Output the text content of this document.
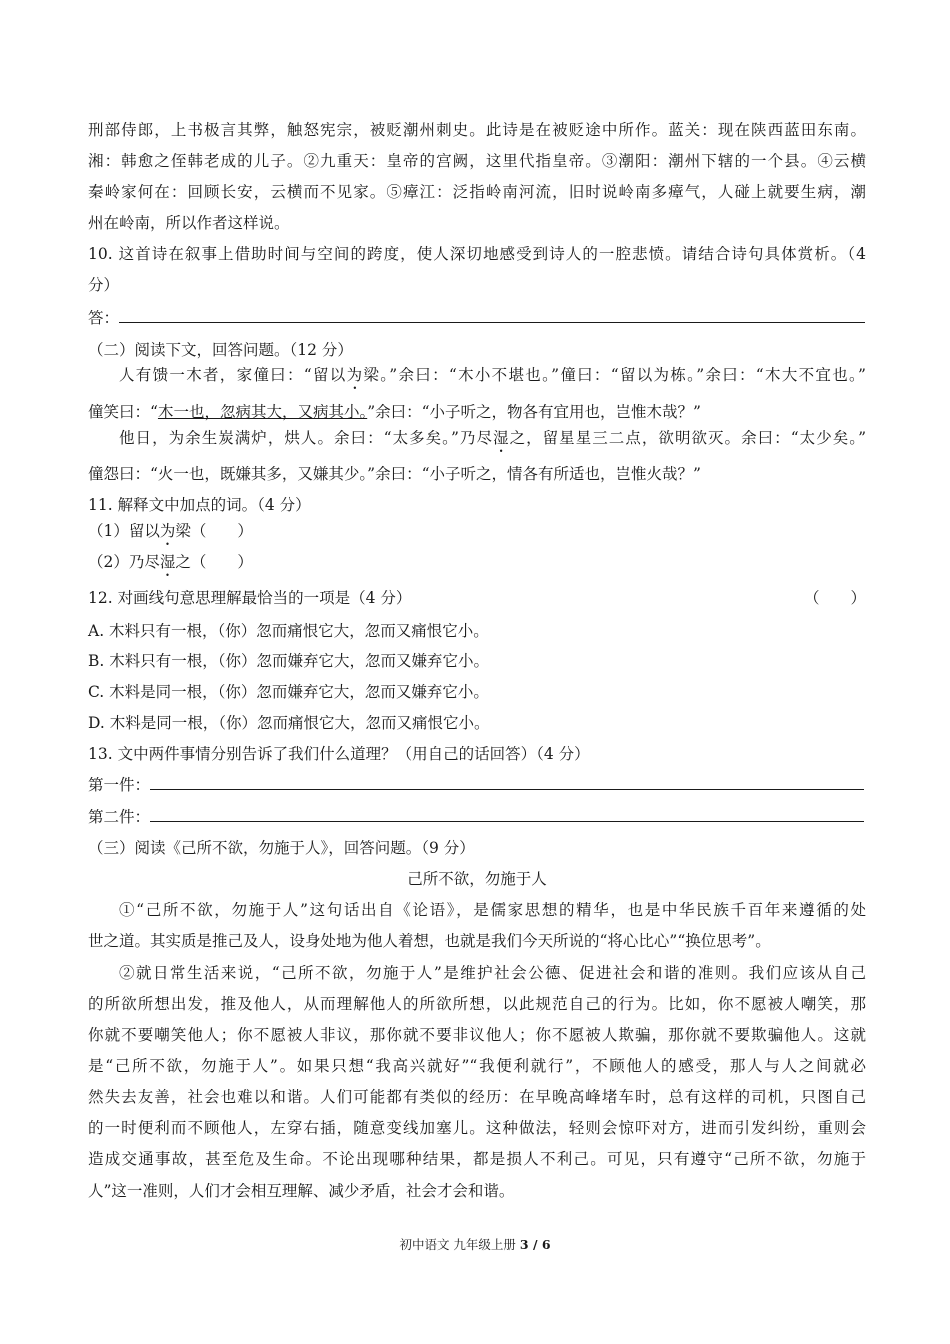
刑部侍郎，上书极言其弊，触怒宪宗，被贬潮州刺史。此诗是在被贬途中所作。蓝关：现在陕西蓝田东南。
湘：韩愈之侄韩老成的儿子。②九重天：皇帝的宫阙，这里代指皇帝。③潮阳：潮州下辖的一个县。④云横
秦岭家何在：回顾长安，云横而不见家。⑤瘴江：泛指岭南河流，旧时说岭南多瘴气，人碰上就要生病，潮
州在岭南，所以作者这样说。
10. 这首诗在叙事上借助时间与空间的跨度，使人深切地感受到诗人的一腔悲愤。请结合诗句具体赏析。（4
分）
答：
（二）阅读下文，回答问题。（12 分）
人有馈一木者，家僮曰：“留以为梁。”余曰：“木小不堪也。”僮曰：“留以为栋。”余曰：“木大不宜也。”
僮笑曰：“木一也，忽病其大，又病其小。”余曰：“小子听之，物各有宜用也，岂惟木哉？”
他日，为余生炭满炉，烘人。余曰：“太多矣。”乃尽湿之，留星星三二点，欲明欲灭。余曰：“太少矣。”
僮怨曰：“火一也，既嫌其多，又嫌其少。”余曰：“小子听之，情各有所适也，岂惟火哉？”
11. 解释文中加点的词。（4 分）
（1）留以为梁（　　）
（2）乃尽湿之（　　）
12. 对画线句意思理解最恰当的一项是（4 分）	（　　）
A. 木料只有一根，（你）忽而痛恨它大，忽而又痛恨它小。
B. 木料只有一根，（你）忽而嫌弃它大，忽而又嫌弃它小。
C. 木料是同一根，（你）忽而嫌弃它大，忽而又嫌弃它小。
D. 木料是同一根，（你）忽而痛恨它大，忽而又痛恨它小。
13. 文中两件事情分别告诉了我们什么道理？（用自己的话回答）（4 分）
第一件：
第二件：
（三）阅读《己所不欲，勿施于人》，回答问题。（9 分）
己所不欲，勿施于人
①“己所不欲，勿施于人”这句话出自《论语》，是儒家思想的精华，也是中华民族千百年来遵循的处
世之道。其实质是推己及人，设身处地为他人着想，也就是我们今天所说的“将心比心”“换位思考”。
②就日常生活来说，“己所不欲，勿施于人”是维护社会公德、促进社会和谐的准则。我们应该从自己
的所欲所想出发，推及他人，从而理解他人的所欲所想，以此规范自己的行为。比如，你不愿被人嘲笑，那
你就不要嘲笑他人；你不愿被人非议，那你就不要非议他人；你不愿被人欺骗，那你就不要欺骗他人。这就
是“己所不欲，勿施于人”。如果只想“我高兴就好”“我便利就行”，不顾他人的感受，那人与人之间就必
然失去友善，社会也难以和谐。人们可能都有类似的经历：在早晚高峰堵车时，总有这样的司机，只图自己
的一时便利而不顾他人，左穿右插，随意变线加塞儿。这种做法，轻则会惊吓对方，进而引发纠纷，重则会
造成交通事故，甚至危及生命。不论出现哪种结果，都是损人不利己。可见，只有遵守“己所不欲，勿施于
人”这一准则，人们才会相互理解、减少矛盾，社会才会和谐。
初中语文 九年级上册 3 / 6
